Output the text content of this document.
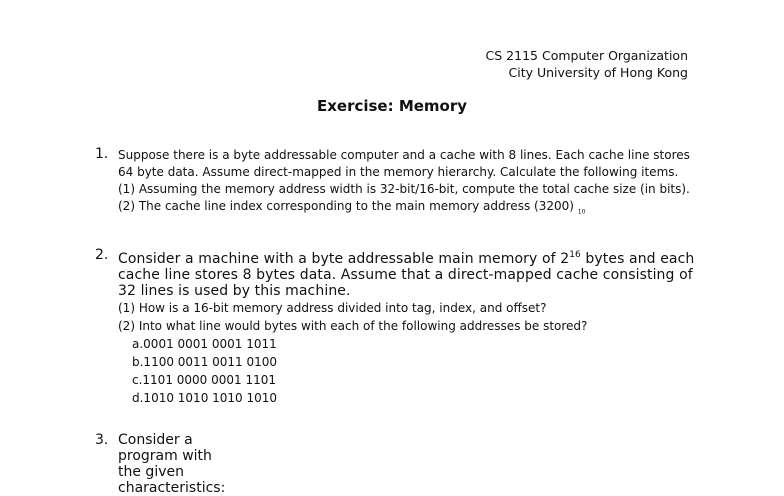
CS 2115 Computer Organization
City University of Hong Kong
Exercise: Memory
1. Suppose there is a byte addressable computer and a cache with 8 lines. Each cache line stores 64 byte data. Assume direct-mapped in the memory hierarchy. Calculate the following items.
(1) Assuming the memory address width is 32-bit/16-bit, compute the total cache size (in bits).
(2) The cache line index corresponding to the main memory address (3200) $_{10}$
2. Consider a machine with a byte addressable main memory of $2^{16}$ bytes and each cache line stores 8 bytes data. Assume that a direct-mapped cache consisting of 32 lines is used by this machine.
(1) How is a 16-bit memory address divided into tag, index, and offset?
(2) Into what line would bytes with each of the following addresses be stored?
a.0001 0001 0001 1011
b.1100 0011 0011 0100
c.1101 0000 0001 1101
d.1010 1010 1010 1010
3. Consider a program with the given characteristics:
